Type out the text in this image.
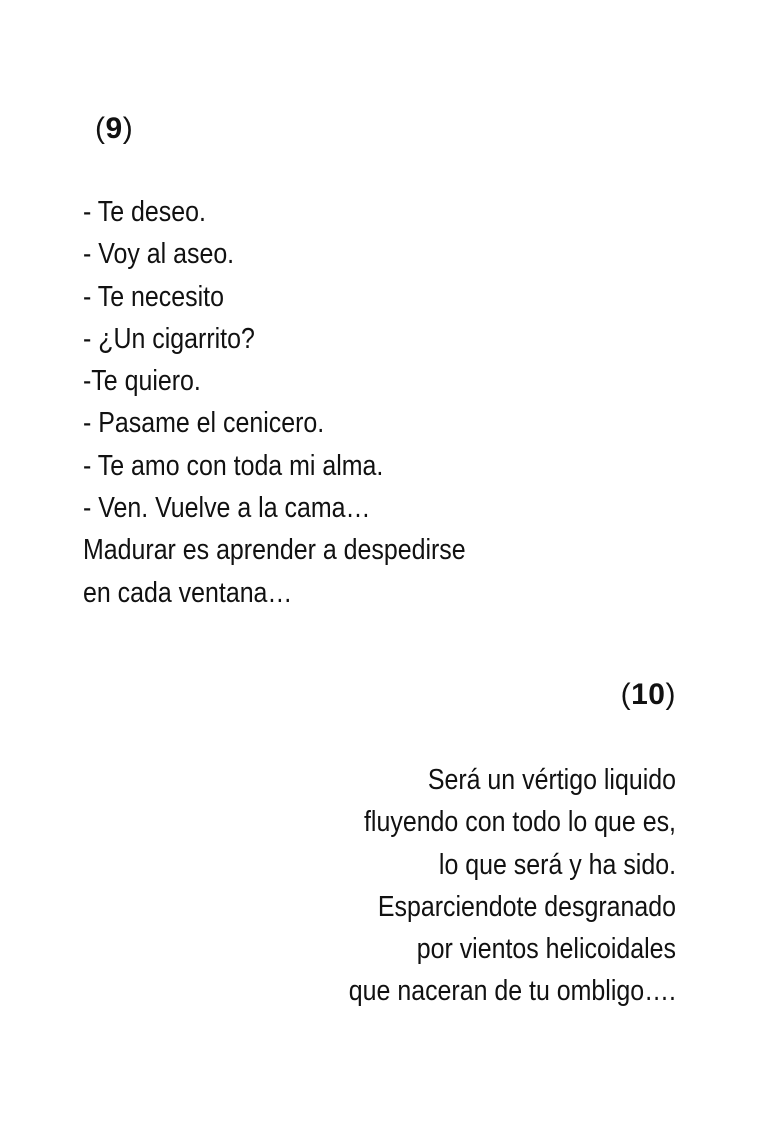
(9)
- Te deseo.
- Voy al aseo.
- Te necesito
- ¿Un cigarrito?
-Te quiero.
- Pasame el cenicero.
- Te amo con toda mi alma.
- Ven. Vuelve a la cama…
Madurar es aprender a despedirse
en cada ventana…
(10)
Será un vértigo liquido
fluyendo con todo lo que es,
lo que será y ha sido.
Esparciendote desgranado
por vientos helicoidales
que naceran de tu ombligo….
